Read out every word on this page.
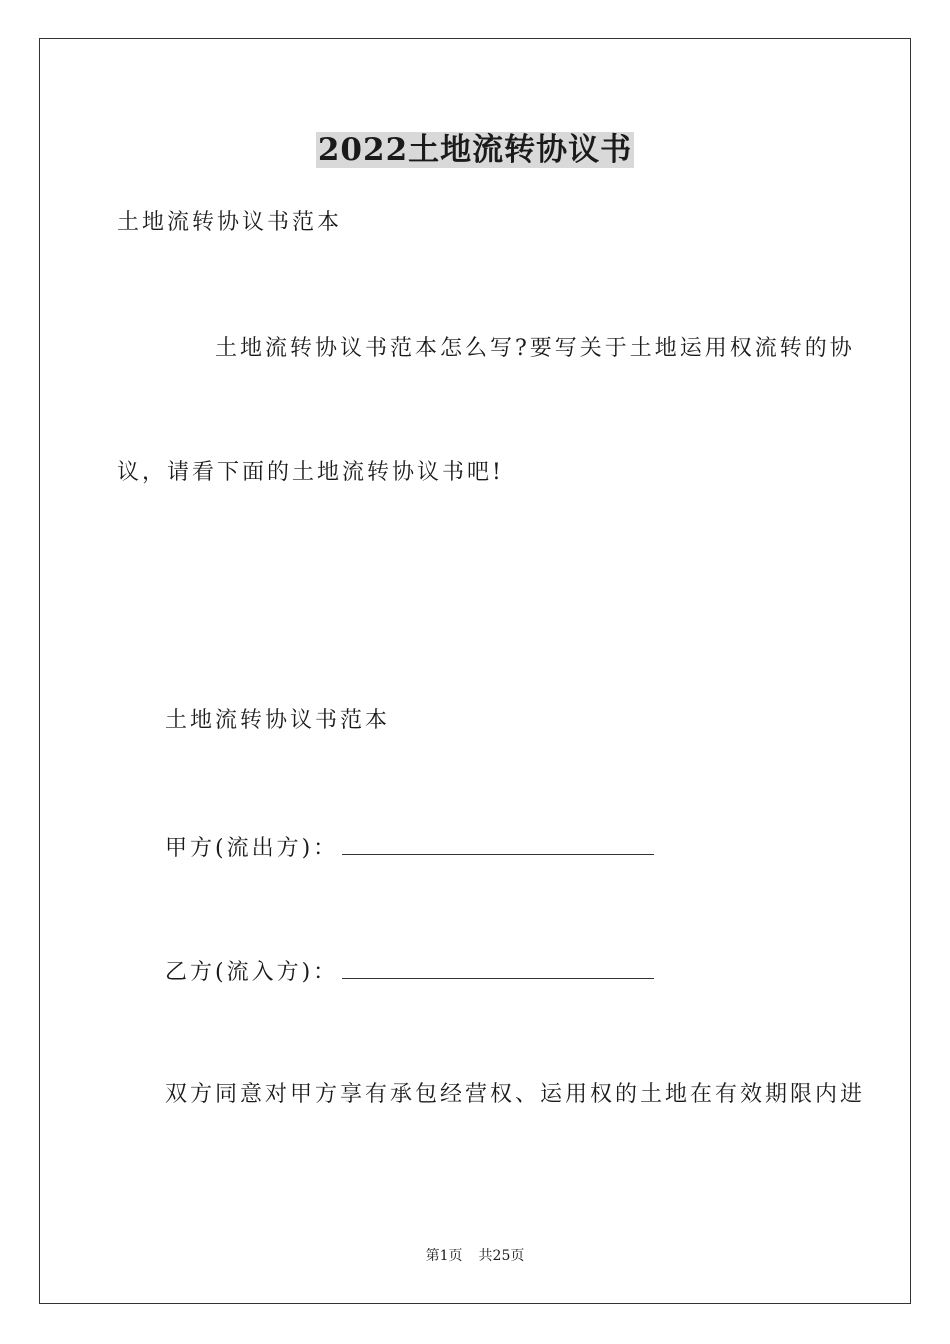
2022土地流转协议书
土地流转协议书范本
土地流转协议书范本怎么写?要写关于土地运用权流转的协
议，请看下面的土地流转协议书吧!
土地流转协议书范本
甲方(流出方)：
乙方(流入方)：
双方同意对甲方享有承包经营权、运用权的土地在有效期限内进
第1页 共25页
